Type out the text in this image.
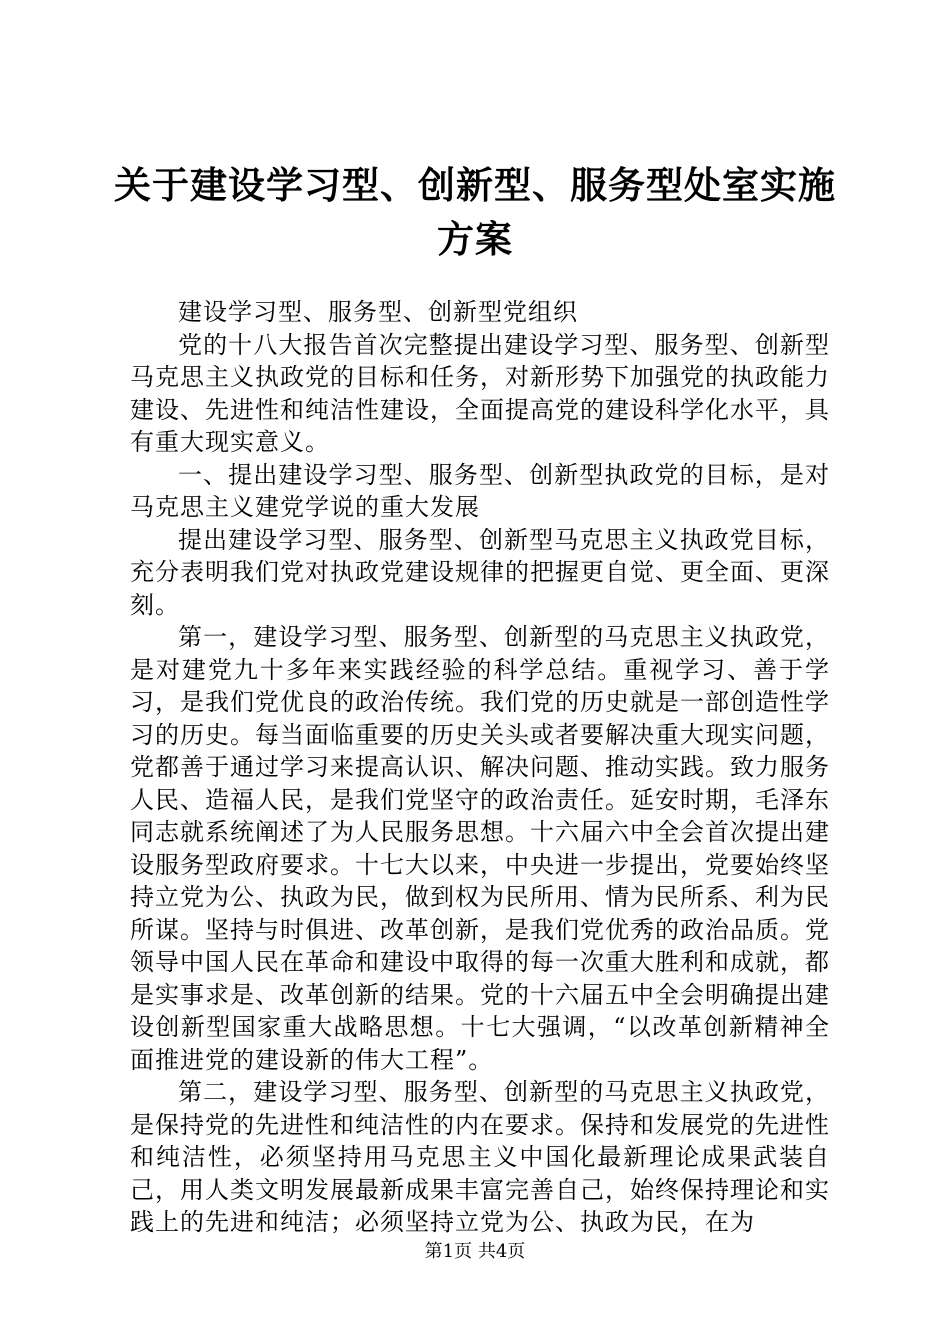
关于建设学习型、创新型、服务型处室实施方案

建设学习型、服务型、创新型党组织

党的十八大报告首次完整提出建设学习型、服务型、创新型马克思主义执政党的目标和任务，对新形势下加强党的执政能力建设、先进性和纯洁性建设，全面提高党的建设科学化水平，具有重大现实意义。

一、提出建设学习型、服务型、创新型执政党的目标，是对马克思主义建党学说的重大发展

提出建设学习型、服务型、创新型马克思主义执政党目标，充分表明我们党对执政党建设规律的把握更自觉、更全面、更深刻。

第一，建设学习型、服务型、创新型的马克思主义执政党，是对建党九十多年来实践经验的科学总结。重视学习、善于学习，是我们党优良的政治传统。我们党的历史就是一部创造性学习的历史。每当面临重要的历史关头或者要解决重大现实问题，党都善于通过学习来提高认识、解决问题、推动实践。致力服务人民、造福人民，是我们党坚守的政治责任。延安时期，毛泽东同志就系统阐述了为人民服务思想。十六届六中全会首次提出建设服务型政府要求。十七大以来，中央进一步提出，党要始终坚持立党为公、执政为民，做到权为民所用、情为民所系、利为民所谋。坚持与时俱进、改革创新，是我们党优秀的政治品质。党领导中国人民在革命和建设中取得的每一次重大胜利和成就，都是实事求是、改革创新的结果。党的十六届五中全会明确提出建设创新型国家重大战略思想。十七大强调，“以改革创新精神全面推进党的建设新的伟大工程”。

第二，建设学习型、服务型、创新型的马克思主义执政党，是保持党的先进性和纯洁性的内在要求。保持和发展党的先进性和纯洁性，必须坚持用马克思主义中国化最新理论成果武装自己，用人类文明发展最新成果丰富完善自己，始终保持理论和实践上的先进和纯洁；必须坚持立党为公、执政为民，在为

第1页 共4页
